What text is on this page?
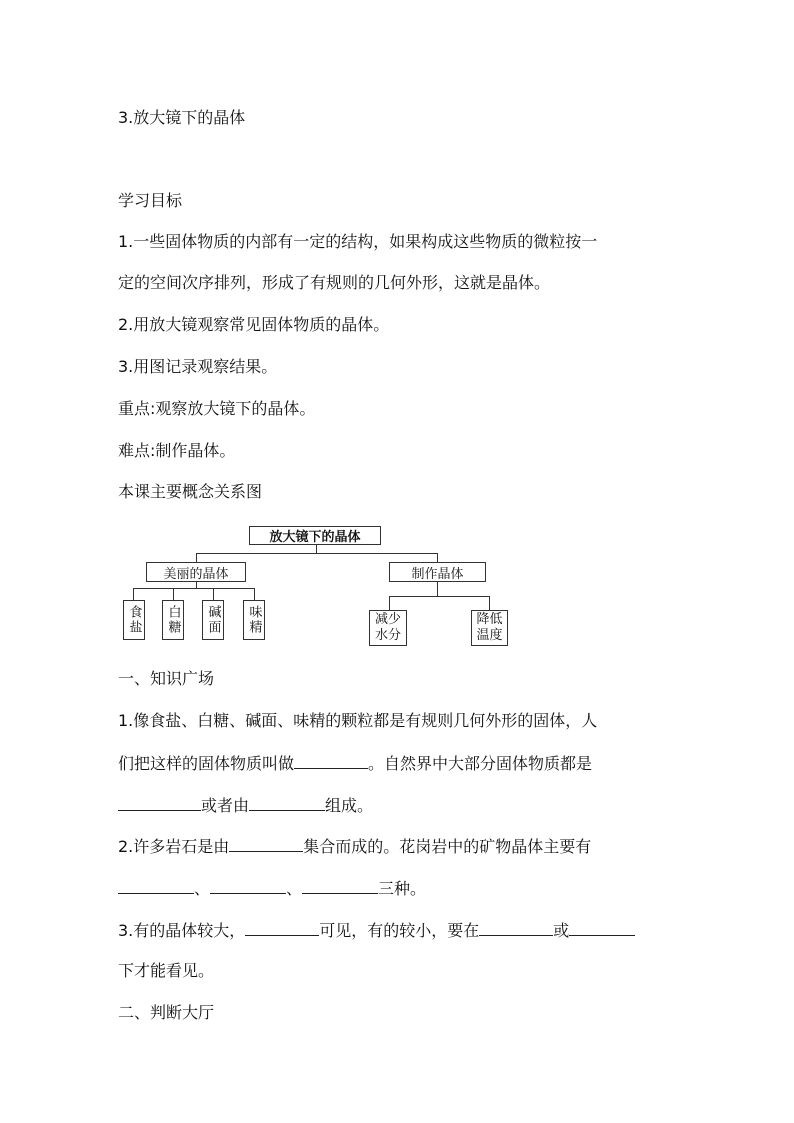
3.放大镜下的晶体
学习目标
1.一些固体物质的内部有一定的结构，如果构成这些物质的微粒按一
定的空间次序排列，形成了有规则的几何外形，这就是晶体。
2.用放大镜观察常见固体物质的晶体。
3.用图记录观察结果。
重点:观察放大镜下的晶体。
难点:制作晶体。
本课主要概念关系图
放大镜下的晶体
美丽的晶体	制作晶体
食盐 白糖 碱面 味精	减少
水分
降低
温度
一、知识广场
1.像食盐、白糖、碱面、味精的颗粒都是有规则几何外形的固体，人
们把这样的固体物质叫做	。自然界中大部分固体物质都是
或者由	组成。
2.许多岩石是由	集合而成的。花岗岩中的矿物晶体主要有
、	、	三种。
3.有的晶体较大，	可见，有的较小，要在	或
下才能看见。
二、判断大厅
